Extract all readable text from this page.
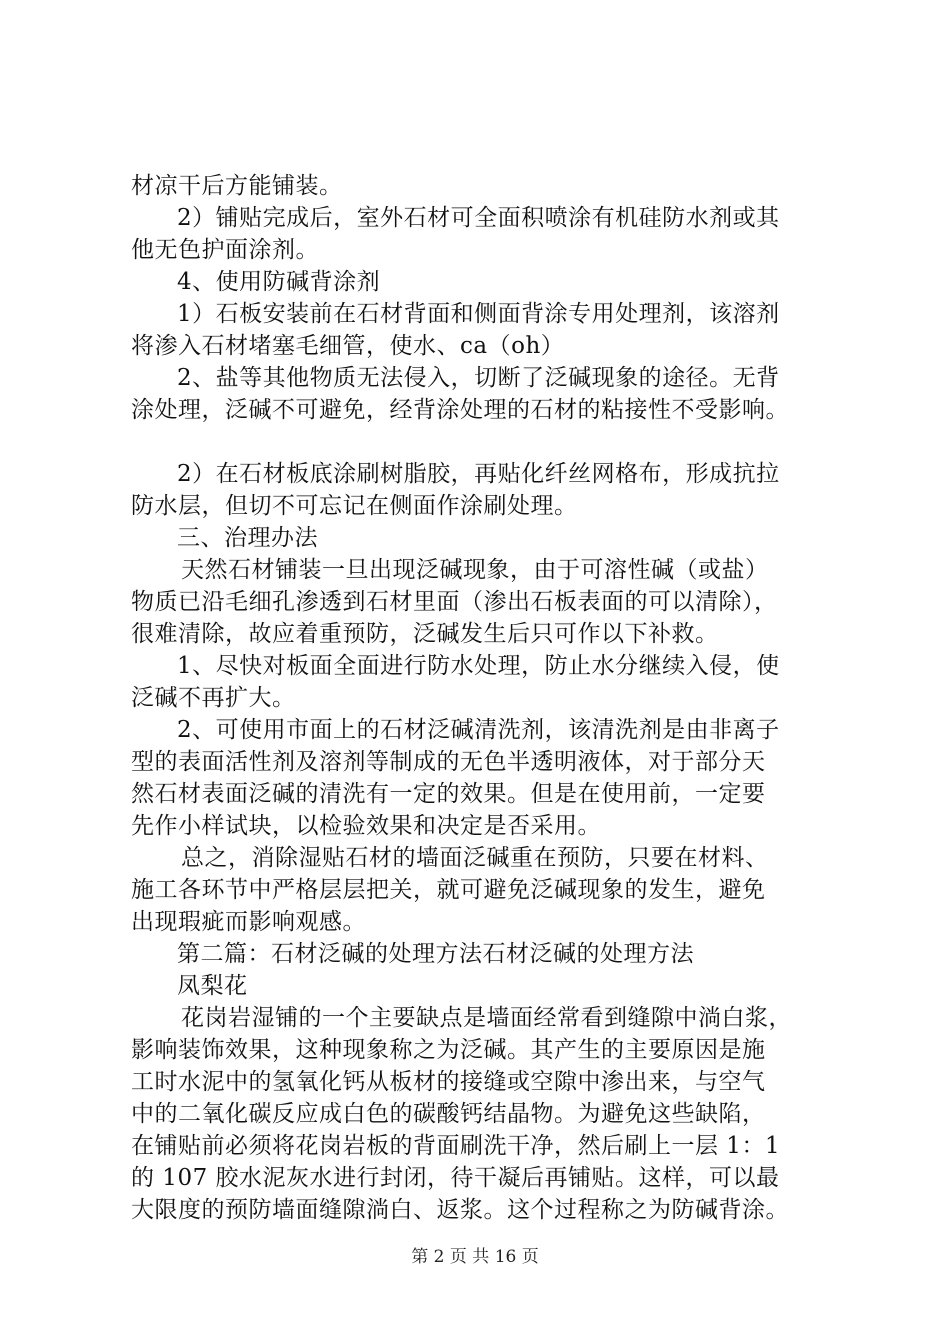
材凉干后方能铺装。
2）铺贴完成后，室外石材可全面积喷涂有机硅防水剂或其
他无色护面涂剂。
4、使用防碱背涂剂
1）石板安装前在石材背面和侧面背涂专用处理剂，该溶剂
将渗入石材堵塞毛细管，使水、ca（oh）
2、盐等其他物质无法侵入，切断了泛碱现象的途径。无背
涂处理，泛碱不可避免，经背涂处理的石材的粘接性不受影响。
2）在石材板底涂刷树脂胶，再贴化纤丝网格布，形成抗拉
防水层，但切不可忘记在侧面作涂刷处理。
三、治理办法
天然石材铺装一旦出现泛碱现象，由于可溶性碱（或盐）
物质已沿毛细孔渗透到石材里面（渗出石板表面的可以清除），
很难清除，故应着重预防，泛碱发生后只可作以下补救。
1、尽快对板面全面进行防水处理，防止水分继续入侵，使
泛碱不再扩大。
2、可使用市面上的石材泛碱清洗剂，该清洗剂是由非离子
型的表面活性剂及溶剂等制成的无色半透明液体，对于部分天
然石材表面泛碱的清洗有一定的效果。但是在使用前，一定要
先作小样试块，以检验效果和决定是否采用。
总之，消除湿贴石材的墙面泛碱重在预防，只要在材料、
施工各环节中严格层层把关，就可避免泛碱现象的发生，避免
出现瑕疵而影响观感。
第二篇：石材泛碱的处理方法石材泛碱的处理方法
凤梨花
花岗岩湿铺的一个主要缺点是墙面经常看到缝隙中淌白浆，
影响装饰效果，这种现象称之为泛碱。其产生的主要原因是施
工时水泥中的氢氧化钙从板材的接缝或空隙中渗出来，与空气
中的二氧化碳反应成白色的碳酸钙结晶物。为避免这些缺陷，
在铺贴前必须将花岗岩板的背面刷洗干净，然后刷上一层 1：1
的 107 胶水泥灰水进行封闭，待干凝后再铺贴。这样，可以最
大限度的预防墙面缝隙淌白、返浆。这个过程称之为防碱背涂。
第 2 页 共 16 页
